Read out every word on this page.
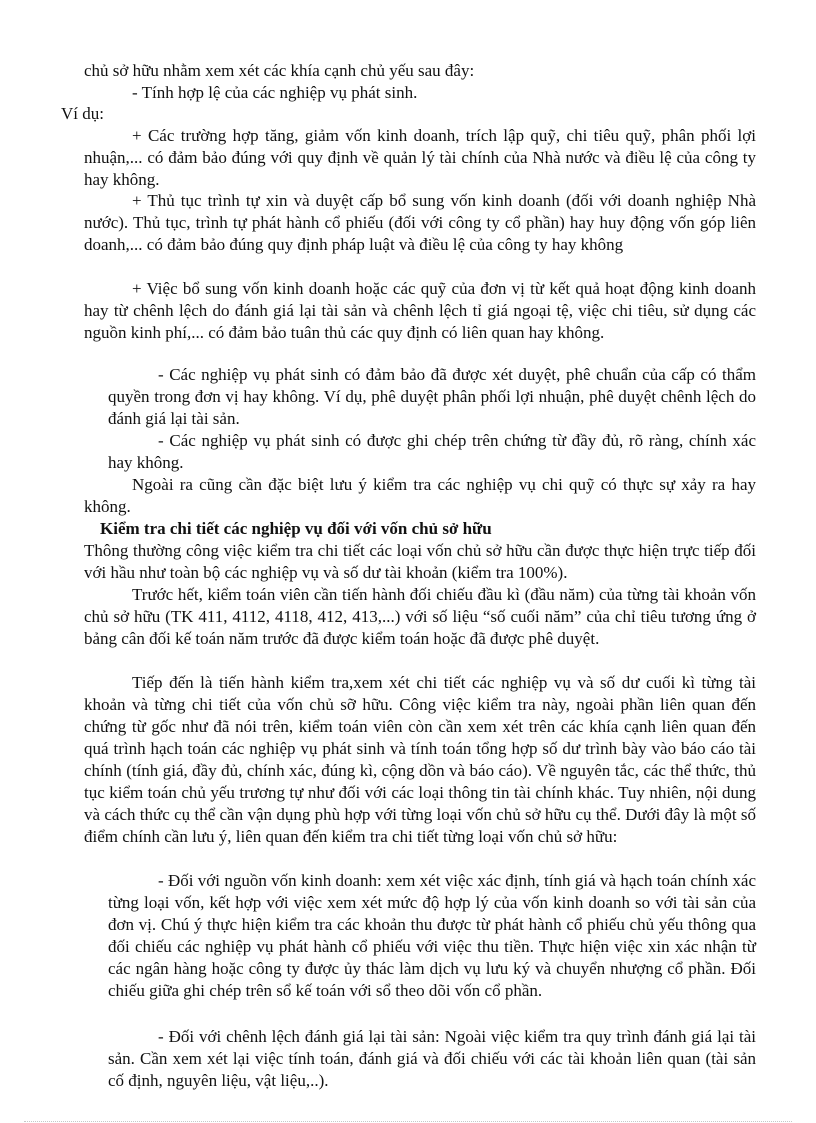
chủ sở hữu nhằm xem xét các khía cạnh chủ yếu sau đây:

- Tính hợp lệ của các nghiệp vụ phát sinh.

Ví dụ:

+ Các trường hợp tăng, giảm vốn kinh doanh, trích lập quỹ, chi tiêu quỹ, phân phối lợi nhuận,... có đảm bảo đúng với quy định về quản lý tài chính của Nhà nước và điều lệ của công ty hay không.

+ Thủ tục trình tự xin và duyệt cấp bổ sung vốn kinh doanh (đối với doanh nghiệp Nhà nước). Thủ tục, trình tự phát hành cổ phiếu (đối với công ty cổ phần) hay huy động vốn góp liên doanh,... có đảm bảo đúng quy định pháp luật và điều lệ của công ty hay không

+ Việc bổ sung vốn kinh doanh hoặc các quỹ của đơn vị từ kết quả hoạt động kinh doanh hay từ chênh lệch do đánh giá lại tài sản và chênh lệch tỉ giá ngoại tệ, việc chi tiêu, sử dụng các nguồn kinh phí,... có đảm bảo tuân thủ các quy định có liên quan hay không.

- Các nghiệp vụ phát sinh có đảm bảo đã được xét duyệt, phê chuẩn của cấp có thẩm quyền trong đơn vị hay không. Ví dụ, phê duyệt phân phối lợi nhuận, phê duyệt chênh lệch do đánh giá lại tài sản.

- Các nghiệp vụ phát sinh có được ghi chép trên chứng từ đầy đủ, rõ ràng, chính xác hay không.

Ngoài ra cũng cần đặc biệt lưu ý kiểm tra các nghiệp vụ chi quỹ có thực sự xảy ra hay không.

Kiểm tra chi tiết các nghiệp vụ đối với vốn chủ sở hữu

Thông thường công việc kiểm tra chi tiết các loại vốn chủ sở hữu cần được thực hiện trực tiếp đối với hầu như toàn bộ các nghiệp vụ và số dư tài khoản (kiểm tra 100%).

Trước hết, kiểm toán viên cần tiến hành đối chiếu đầu kì (đầu năm) của từng tài khoản vốn chủ sở hữu (TK 411, 4112, 4118, 412, 413,...) với số liệu “số cuối năm” của chỉ tiêu tương ứng ở bảng cân đối kế toán năm trước đã được kiểm toán hoặc đã được phê duyệt.

Tiếp đến là tiến hành kiểm tra,xem xét chi tiết các nghiệp vụ và số dư cuối kì từng tài khoản và từng chi tiết của vốn chủ sỡ hữu. Công việc kiểm tra này, ngoài phần liên quan đến chứng từ gốc như đã nói trên, kiểm toán viên còn cần xem xét trên các khía cạnh liên quan đến quá trình hạch toán các nghiệp vụ phát sinh và tính toán tổng hợp số dư trình bày vào báo cáo tài chính (tính giá, đầy đủ, chính xác, đúng kì, cộng dồn và báo cáo). Về nguyên tắc, các thể thức, thủ tục kiểm toán chủ yếu trương tự như đối với các loại thông tin tài chính khác. Tuy nhiên, nội dung và cách thức cụ thể cần vận dụng phù hợp với từng loại vốn chủ sở hữu cụ thể. Dưới đây là một số điểm chính cần lưu ý, liên quan đến kiểm tra chi tiết từng loại vốn chủ sở hữu:

- Đối với nguồn vốn kinh doanh: xem xét việc xác định, tính giá và hạch toán chính xác từng loại vốn, kết hợp với việc xem xét mức độ hợp lý của vốn kinh doanh so với tài sản của đơn vị. Chú ý thực hiện kiểm tra các khoản thu được từ phát hành cổ phiếu chủ yếu thông qua đối chiếu các nghiệp vụ phát hành cổ phiếu với việc thu tiền. Thực hiện việc xin xác nhận từ các ngân hàng hoặc công ty được ủy thác làm dịch vụ lưu ký và chuyển nhượng cổ phần. Đối chiếu giữa ghi chép trên sổ kế toán với sổ theo dõi vốn cổ phần.

- Đối với chênh lệch đánh giá lại tài sản: Ngoài việc kiểm tra quy trình đánh giá lại tài sản. Cần xem xét lại việc tính toán, đánh giá và đối chiếu với các tài khoản liên quan (tài sản cố định, nguyên liệu, vật liệu,..).
